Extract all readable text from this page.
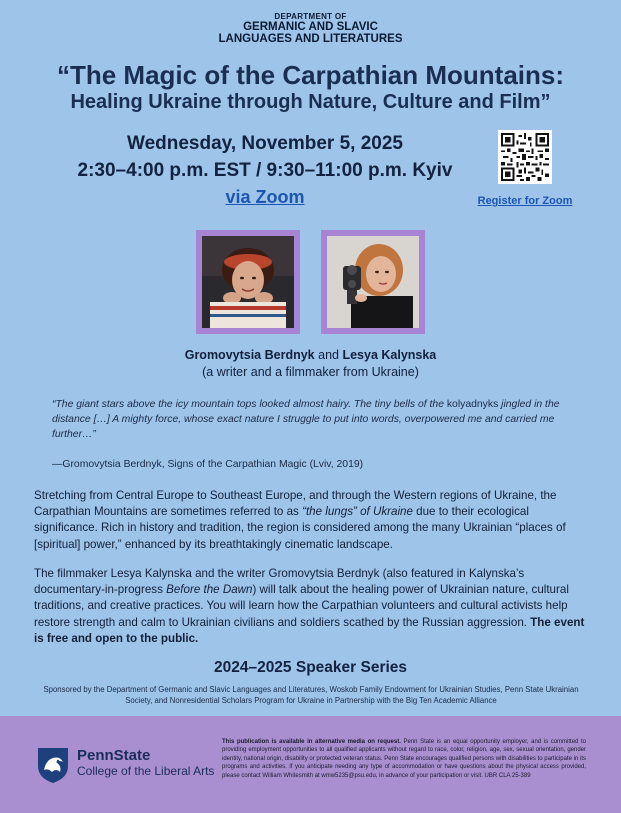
DEPARTMENT OF
GERMANIC AND SLAVIC
LANGUAGES AND LITERATURES
“The Magic of the Carpathian Mountains:
Healing Ukraine through Nature, Culture and Film”
Wednesday, November 5, 2025
2:30–4:00 p.m. EST / 9:30–11:00 p.m. Kyiv
via Zoom	Register for Zoom
Gromovytsia Berdnyk and Lesya Kalynska
(a writer and a filmmaker from Ukraine)
“The giant stars above the icy mountain tops looked almost hairy. The tiny bells of the kolyadnyks jingled in the distance […] A mighty force, whose exact nature I struggle to put into words, overpowered me and carried me further…”
—Gromovytsia Berdnyk, Signs of the Carpathian Magic (Lviv, 2019)
Stretching from Central Europe to Southeast Europe, and through the Western regions of Ukraine, the Carpathian Mountains are sometimes referred to as “the lungs” of Ukraine due to their ecological significance. Rich in history and tradition, the region is considered among the many Ukrainian “places of [spiritual] power,” enhanced by its breathtakingly cinematic landscape.
The filmmaker Lesya Kalynska and the writer Gromovytsia Berdnyk (also featured in Kalynska’s documentary-in-progress Before the Dawn) will talk about the healing power of Ukrainian nature, cultural traditions, and creative practices. You will learn how the Carpathian volunteers and cultural activists help restore strength and calm to Ukrainian civilians and soldiers scathed by the Russian aggression. The event is free and open to the public.
2024–2025 Speaker Series
Sponsored by the Department of Germanic and Slavic Languages and Literatures, Woskob Family Endowment for Ukrainian Studies, Penn State Ukrainian Society, and Nonresidential Scholars Program for Ukraine in Partnership with the Big Ten Academic Alliance
PennState
College of the Liberal Arts
This publication is available in alternative media on request. Penn State is an equal opportunity employer, and is committed to providing employment opportunities to all qualified applicants without regard to race, color, religion, age, sex, sexual orientation, gender identity, national origin, disability or protected veteran status. Penn State encourages qualified persons with disabilities to participate in its programs and activities. If you anticipate needing any type of accommodation or have questions about the physical access provided, please contact William Whitesmith at wmw5235@psu.edu, in advance of your participation or visit. UBR CLA 25-389
